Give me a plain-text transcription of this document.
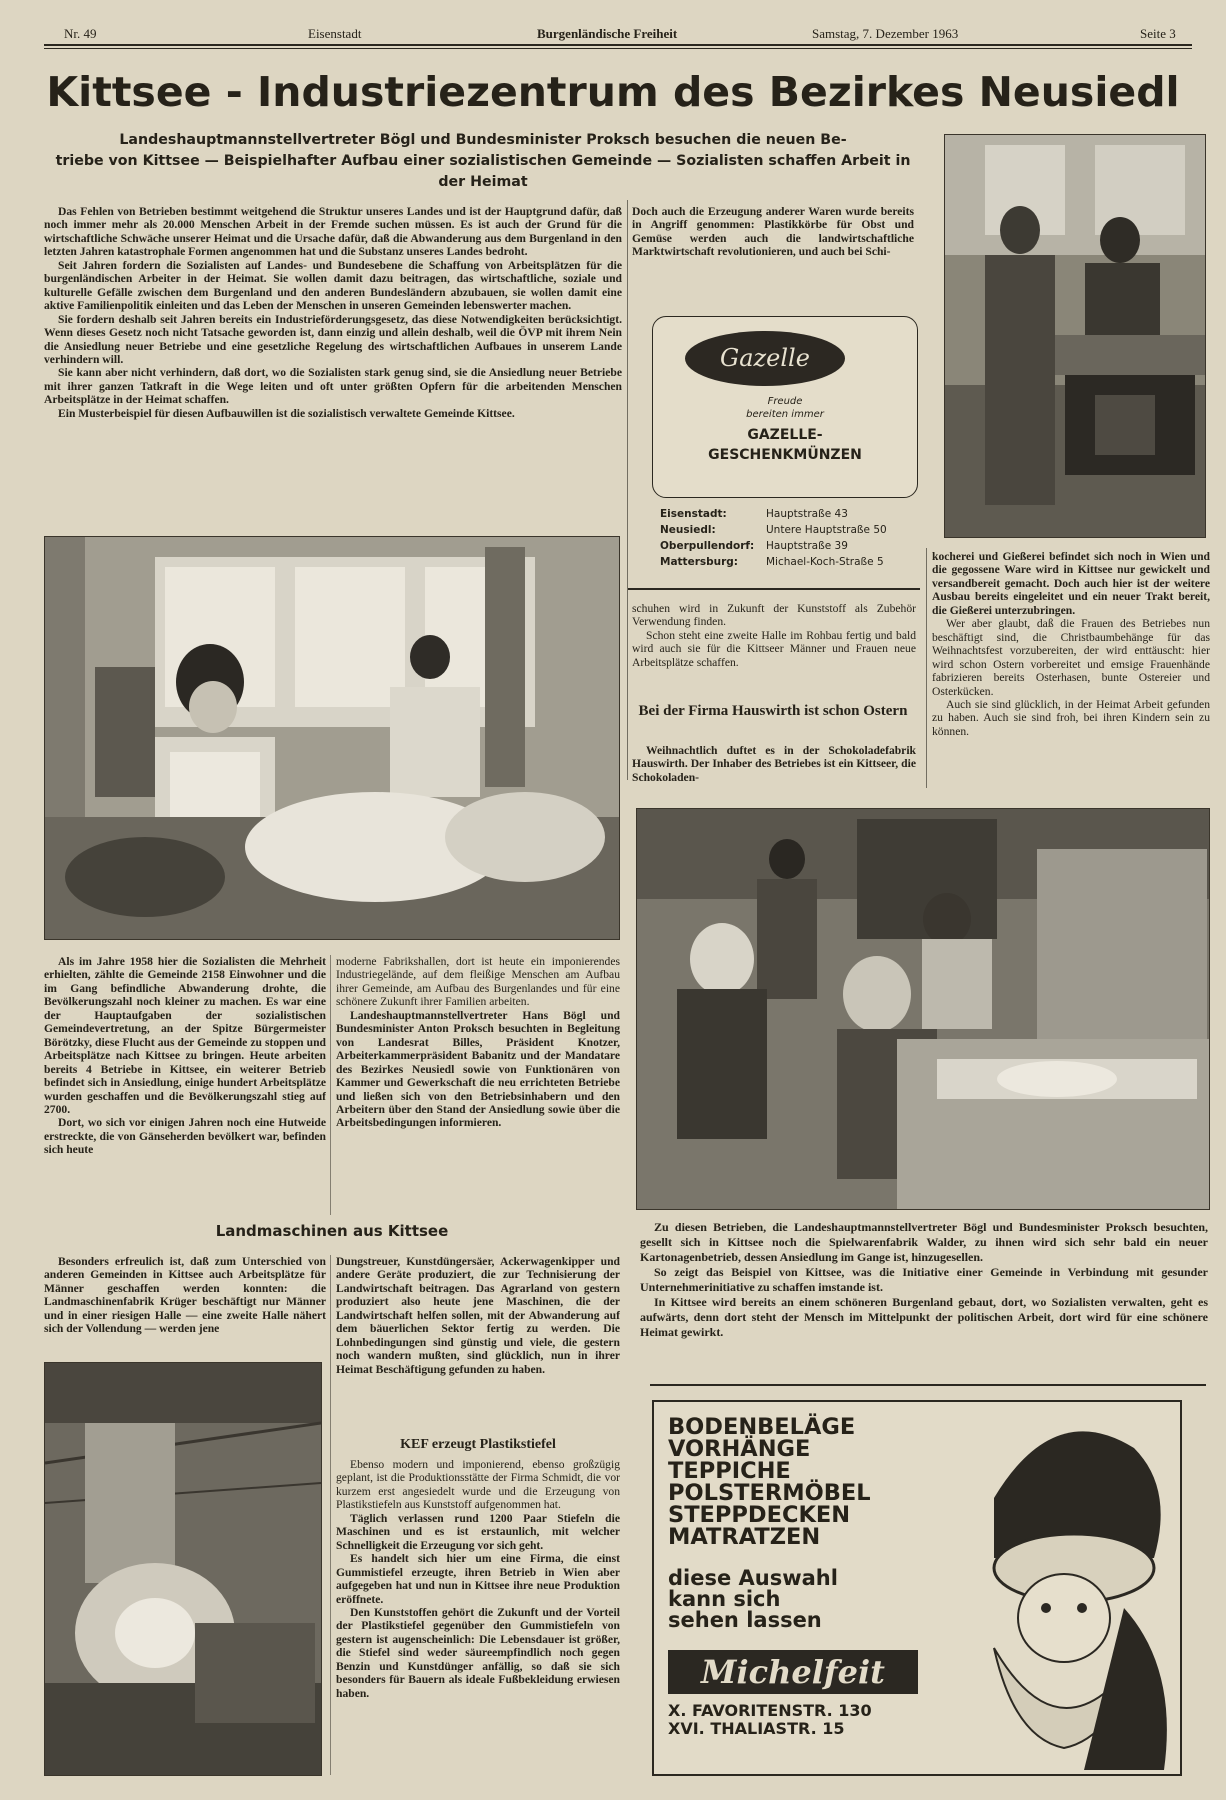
Nr. 49	Eisenstadt	Burgenländische Freiheit	Samstag, 7. Dezember 1963	Seite 3
Kittsee - Industriezentrum des Bezirkes Neusiedl
Landeshauptmannstellvertreter Bögl und Bundesminister Proksch besuchen die neuen Be-
triebe von Kittsee — Beispielhafter Aufbau einer sozialistischen Gemeinde — Sozialisten schaffen Arbeit in der Heimat

Das Fehlen von Betrieben bestimmt weitgehend die Struktur unseres Landes und ist der Hauptgrund dafür, daß noch immer mehr als 20.000 Menschen Arbeit in der Fremde suchen müssen. Es ist auch der Grund für die wirtschaftliche Schwäche unserer Heimat und die Ursache dafür, daß die Abwanderung aus dem Burgenland in den letzten Jahren katastrophale Formen angenommen hat und die Substanz unseres Landes bedroht.

Seit Jahren fordern die Sozialisten auf Landes- und Bundesebene die Schaffung von Arbeitsplätzen für die burgenländischen Arbeiter in der Heimat. Sie wollen damit dazu beitragen, das wirtschaftliche, soziale und kulturelle Gefälle zwischen dem Burgenland und den anderen Bundesländern abzubauen, sie wollen damit eine aktive Familienpolitik einleiten und das Leben der Menschen in unseren Gemeinden lebenswerter machen.

Sie fordern deshalb seit Jahren bereits ein Industrieförderungsgesetz, das diese Notwendigkeiten berücksichtigt. Wenn dieses Gesetz noch nicht Tatsache geworden ist, dann einzig und allein deshalb, weil die ÖVP mit ihrem Nein die Ansiedlung neuer Betriebe und eine gesetzliche Regelung des wirtschaftlichen Aufbaues in unserem Lande verhindern will.

Sie kann aber nicht verhindern, daß dort, wo die Sozialisten stark genug sind, sie die Ansiedlung neuer Betriebe mit ihrer ganzen Tatkraft in die Wege leiten und oft unter größten Opfern für die arbeitenden Menschen Arbeitsplätze in der Heimat schaffen.

Ein Musterbeispiel für diesen Aufbauwillen ist die sozialistisch verwaltete Gemeinde Kittsee.

Doch auch die Erzeugung anderer Waren wurde bereits in Angriff genommen: Plastikkörbe für Obst und Gemüse werden auch die landwirtschaftliche Marktwirtschaft revolutionieren, und auch bei Schi-

Gazelle
Freude
bereiten immer
GAZELLE-
GESCHENKMÜNZEN
Eisenstadt:	Hauptstraße 43
Neusiedl:	Untere Hauptstraße 50
Oberpullendorf: Hauptstraße 39
Mattersburg:	Michael-Koch-Straße 5

schuhen wird in Zukunft der Kunststoff als Zubehör Verwendung finden.

Schon steht eine zweite Halle im Rohbau fertig und bald wird auch sie für die Kittseer Männer und Frauen neue Arbeitsplätze schaffen.

Bei der Firma Hauswirth ist schon Ostern

Weihnachtlich duftet es in der Schokoladefabrik Hauswirth. Der Inhaber des Betriebes ist ein Kittseer, die Schokoladen-

kocherei und Gießerei befindet sich noch in Wien und die gegossene Ware wird in Kittsee nur gewickelt und versandbereit gemacht. Doch auch hier ist der weitere Ausbau bereits eingeleitet und ein neuer Trakt bereit, die Gießerei unterzubringen.

Wer aber glaubt, daß die Frauen des Betriebes nun beschäftigt sind, die Christbaumbehänge für das Weihnachtsfest vorzubereiten, der wird enttäuscht: hier wird schon Ostern vorbereitet und emsige Frauenhände fabrizieren bereits Osterhasen, bunte Ostereier und Osterkücken.

Auch sie sind glücklich, in der Heimat Arbeit gefunden zu haben. Auch sie sind froh, bei ihren Kindern sein zu können.

Als im Jahre 1958 hier die Sozialisten die Mehrheit erhielten, zählte die Gemeinde 2158 Einwohner und die im Gang befindliche Abwanderung drohte, die Bevölkerungszahl noch kleiner zu machen. Es war eine der Hauptaufgaben der sozialistischen Gemeindevertretung, an der Spitze Bürgermeister Börötzky, diese Flucht aus der Gemeinde zu stoppen und Arbeitsplätze nach Kittsee zu bringen. Heute arbeiten bereits 4 Betriebe in Kittsee, ein weiterer Betrieb befindet sich in Ansiedlung, einige hundert Arbeitsplätze wurden geschaffen und die Bevölkerungszahl stieg auf 2700.

Dort, wo sich vor einigen Jahren noch eine Hutweide erstreckte, die von Gänseherden bevölkert war, befinden sich heute

moderne Fabrikshallen, dort ist heute ein imponierendes Industriegelände, auf dem fleißige Menschen am Aufbau ihrer Gemeinde, am Aufbau des Burgenlandes und für eine schönere Zukunft ihrer Familien arbeiten.

Landeshauptmannstellvertreter Hans Bögl und Bundesminister Anton Proksch besuchten in Begleitung von Landesrat Billes, Präsident Knotzer, Arbeiterkammerpräsident Babanitz und der Mandatare des Bezirkes Neusiedl sowie von Funktionären von Kammer und Gewerkschaft die neu errichteten Betriebe und ließen sich von den Betriebsinhabern und den Arbeitern über den Stand der Ansiedlung sowie über die Arbeitsbedingungen informieren.

Landmaschinen aus Kittsee

Besonders erfreulich ist, daß zum Unterschied von anderen Gemeinden in Kittsee auch Arbeitsplätze für Männer geschaffen werden konnten: die Landmaschinenfabrik Krüger beschäftigt nur Männer und in einer riesigen Halle — eine zweite Halle nähert sich der Vollendung — werden jene

Dungstreuer, Kunstdüngersäer, Ackerwagenkipper und andere Geräte produziert, die zur Technisierung der Landwirtschaft beitragen. Das Agrarland von gestern produziert also heute jene Maschinen, die der Landwirtschaft helfen sollen, mit der Abwanderung auf dem bäuerlichen Sektor fertig zu werden. Die Lohnbedingungen sind günstig und viele, die gestern noch wandern mußten, sind glücklich, nun in ihrer Heimat Beschäftigung gefunden zu haben.

KEF erzeugt Plastikstiefel

Ebenso modern und imponierend, ebenso großzügig geplant, ist die Produktionsstätte der Firma Schmidt, die vor kurzem erst angesiedelt wurde und die Erzeugung von Plastikstiefeln aus Kunststoff aufgenommen hat.

Täglich verlassen rund 1200 Paar Stiefeln die Maschinen und es ist erstaunlich, mit welcher Schnelligkeit die Erzeugung vor sich geht.

Es handelt sich hier um eine Firma, die einst Gummistiefel erzeugte, ihren Betrieb in Wien aber aufgegeben hat und nun in Kittsee ihre neue Produktion eröffnete.

Den Kunststoffen gehört die Zukunft und der Vorteil der Plastikstiefel gegenüber den Gummistiefeln von gestern ist augenscheinlich: Die Lebensdauer ist größer, die Stiefel sind weder säureempfindlich noch gegen Benzin und Kunstdünger anfällig, so daß sie sich besonders für Bauern als ideale Fußbekleidung erwiesen haben.

Zu diesen Betrieben, die Landeshauptmannstellvertreter Bögl und Bundesminister Proksch besuchten, gesellt sich in Kittsee noch die Spielwarenfabrik Walder, zu ihnen wird sich sehr bald ein neuer Kartonagenbetrieb, dessen Ansiedlung im Gange ist, hinzugesellen.

So zeigt das Beispiel von Kittsee, was die Initiative einer Gemeinde in Verbindung mit gesunder Unternehmerinitiative zu schaffen imstande ist.

In Kittsee wird bereits an einem schöneren Burgenland gebaut, dort, wo Sozialisten verwalten, geht es aufwärts, denn dort steht der Mensch im Mittelpunkt der politischen Arbeit, dort wird für eine schönere Heimat gewirkt.

BODENBELÄGE
VORHÄNGE
TEPPICHE
POLSTERMÖBEL
STEPPDECKEN
MATRATZEN
diese Auswahl
kann sich
sehen lassen
Michelfeit
X. FAVORITENSTR. 130
XVI. THALIASTR. 15
